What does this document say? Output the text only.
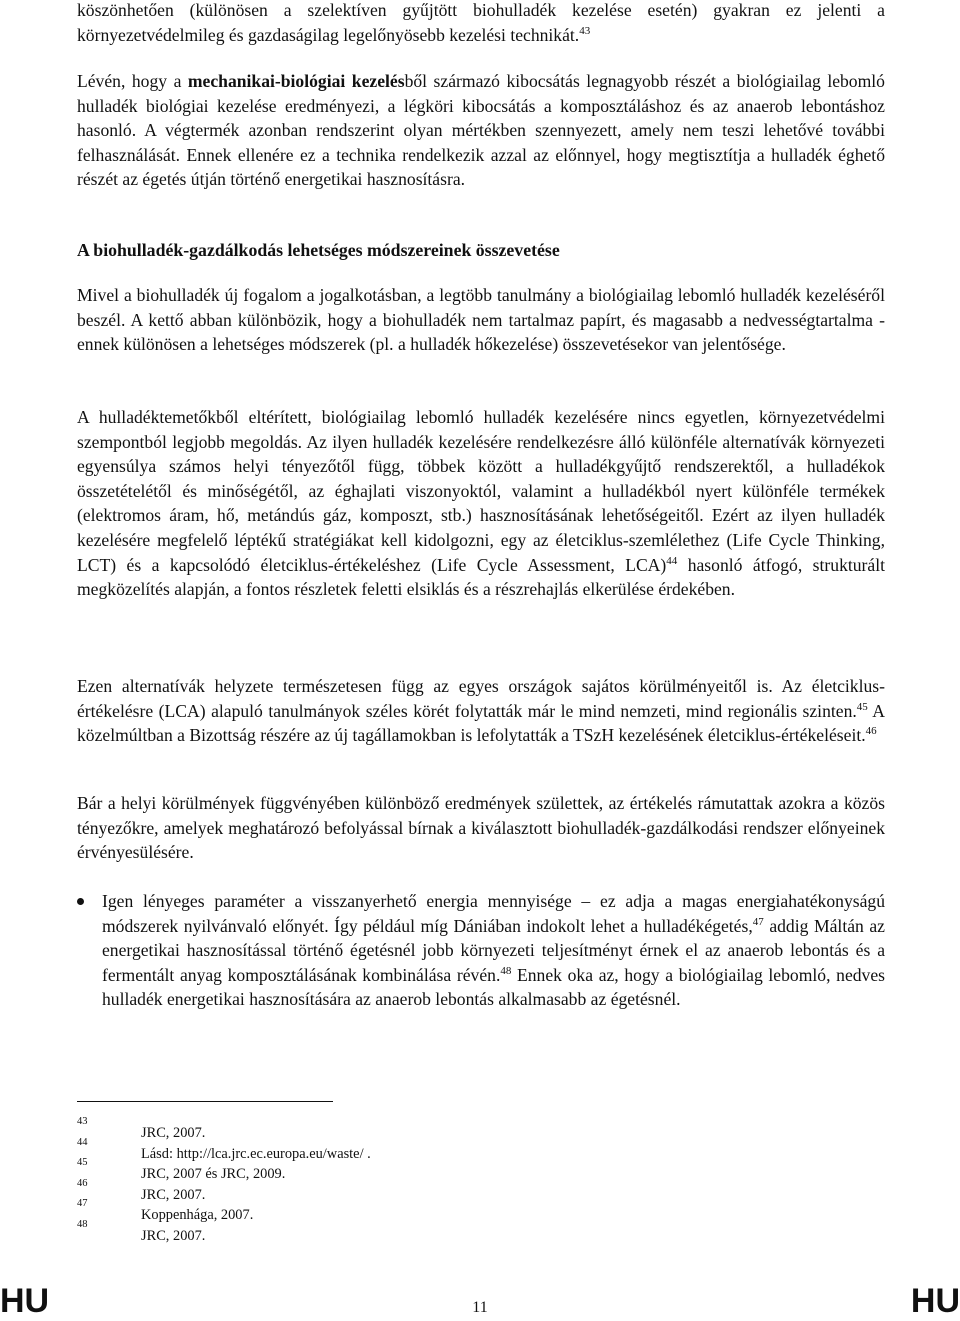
köszönhetően (különösen a szelektíven gyűjtött biohulladék kezelése esetén) gyakran ez jelenti a környezetvédelmileg és gazdaságilag legelőnyösebb kezelési technikát.$^{43}$

Lévén, hogy a mechanikai-biológiai kezelésből származó kibocsátás legnagyobb részét a biológiailag lebomló hulladék biológiai kezelése eredményezi, a légköri kibocsátás a komposztáláshoz és az anaerob lebontáshoz hasonló. A végtermék azonban rendszerint olyan mértékben szennyezett, amely nem teszi lehetővé további felhasználását. Ennek ellenére ez a technika rendelkezik azzal az előnnyel, hogy megtisztítja a hulladék éghető részét az égetés útján történő energetikai hasznosításra.

A biohulladék-gazdálkodás lehetséges módszereinek összevetése

Mivel a biohulladék új fogalom a jogalkotásban, a legtöbb tanulmány a biológiailag lebomló hulladék kezeléséről beszél. A kettő abban különbözik, hogy a biohulladék nem tartalmaz papírt, és magasabb a nedvességtartalma - ennek különösen a lehetséges módszerek (pl. a hulladék hőkezelése) összevetésekor van jelentősége.

A hulladéktemetőkből eltérített, biológiailag lebomló hulladék kezelésére nincs egyetlen, környezetvédelmi szempontból legjobb megoldás. Az ilyen hulladék kezelésére rendelkezésre álló különféle alternatívák környezeti egyensúlya számos helyi tényezőtől függ, többek között a hulladékgyűjtő rendszerektől, a hulladékok összetételétől és minőségétől, az éghajlati viszonyoktól, valamint a hulladékból nyert különféle termékek (elektromos áram, hő, metándús gáz, komposzt, stb.) hasznosításának lehetőségeitől. Ezért az ilyen hulladék kezelésére megfelelő léptékű stratégiákat kell kidolgozni, egy az életciklus-szemlélethez (Life Cycle Thinking, LCT) és a kapcsolódó életciklus-értékeléshez (Life Cycle Assessment, LCA)$^{44}$ hasonló átfogó, strukturált megközelítés alapján, a fontos részletek feletti elsiklás és a részrehajlás elkerülése érdekében.

Ezen alternatívák helyzete természetesen függ az egyes országok sajátos körülményeitől is. Az életciklus-értékelésre (LCA) alapuló tanulmányok széles körét folytatták már le mind nemzeti, mind regionális szinten.$^{45}$ A közelmúltban a Bizottság részére az új tagállamokban is lefolytatták a TSzH kezelésének életciklus-értékeléseit.$^{46}$

Bár a helyi körülmények függvényében különböző eredmények születtek, az értékelés rámutattak azokra a közös tényezőkre, amelyek meghatározó befolyással bírnak a kiválasztott biohulladék-gazdálkodási rendszer előnyeinek érvényesülésére.

Igen lényeges paraméter a visszanyerhető energia mennyisége – ez adja a magas energiahatékonyságú módszerek nyilvánvaló előnyét. Így például míg Dániában indokolt lehet a hulladékégetés,$^{47}$ addig Máltán az energetikai hasznosítással történő égetésnél jobb környezeti teljesítményt érnek el az anaerob lebontás és a fermentált anyag komposztálásának kombinálása révén.$^{48}$ Ennek oka az, hogy a biológiailag lebomló, nedves hulladék energetikai hasznosítására az anaerob lebontás alkalmasabb az égetésnél.

43
JRC, 2007.
44
Lásd: http://lca.jrc.ec.europa.eu/waste/ .
45
JRC, 2007 és JRC, 2009.
46
JRC, 2007.
47
Koppenhága, 2007.
48
JRC, 2007.
HU	11	HU
